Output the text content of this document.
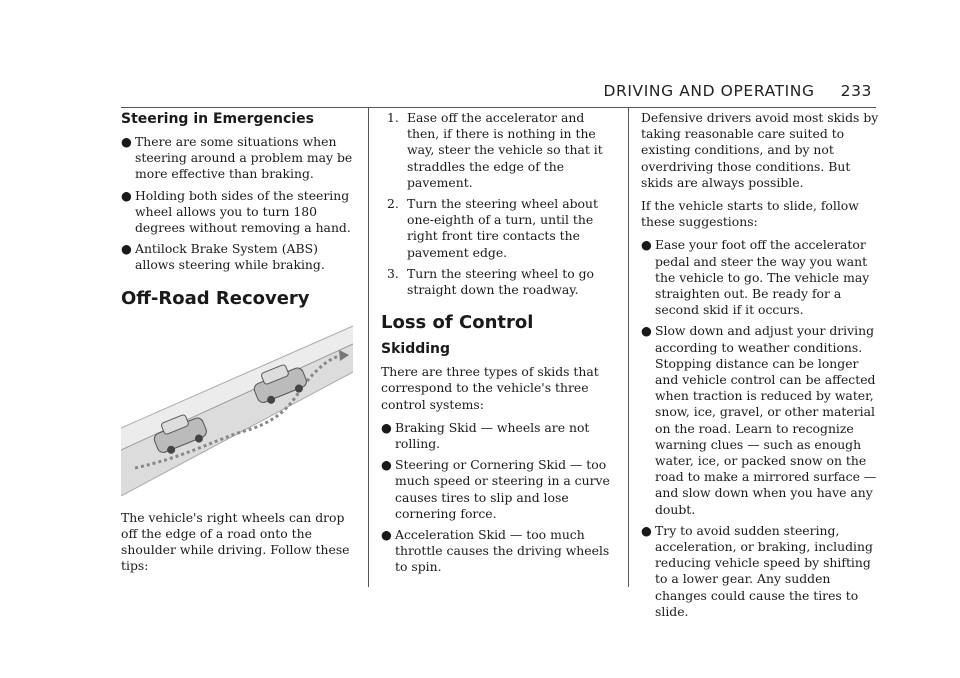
DRIVING AND OPERATING 233
Steering in Emergencies
● There are some situations when steering around a problem may be more effective than braking.
● Holding both sides of the steering wheel allows you to turn 180 degrees without removing a hand.
● Antilock Brake System (ABS) allows steering while braking.
Off-Road Recovery

The vehicle's right wheels can drop off the edge of a road onto the shoulder while driving. Follow these tips:

1. Ease off the accelerator and then, if there is nothing in the way, steer the vehicle so that it straddles the edge of the pavement.
2. Turn the steering wheel about one-eighth of a turn, until the right front tire contacts the pavement edge.
3. Turn the steering wheel to go straight down the roadway.
Loss of Control
Skidding

There are three types of skids that correspond to the vehicle's three control systems:

● Braking Skid — wheels are not rolling.
● Steering or Cornering Skid — too much speed or steering in a curve causes tires to slip and lose cornering force.
● Acceleration Skid — too much throttle causes the driving wheels to spin.

Defensive drivers avoid most skids by taking reasonable care suited to existing conditions, and by not overdriving those conditions. But skids are always possible.

If the vehicle starts to slide, follow these suggestions:

● Ease your foot off the accelerator pedal and steer the way you want the vehicle to go. The vehicle may straighten out. Be ready for a second skid if it occurs.
● Slow down and adjust your driving according to weather conditions. Stopping distance can be longer and vehicle control can be affected when traction is reduced by water, snow, ice, gravel, or other material on the road. Learn to recognize warning clues — such as enough water, ice, or packed snow on the road to make a mirrored surface — and slow down when you have any doubt.
● Try to avoid sudden steering, acceleration, or braking, including reducing vehicle speed by shifting to a lower gear. Any sudden changes could cause the tires to slide.
